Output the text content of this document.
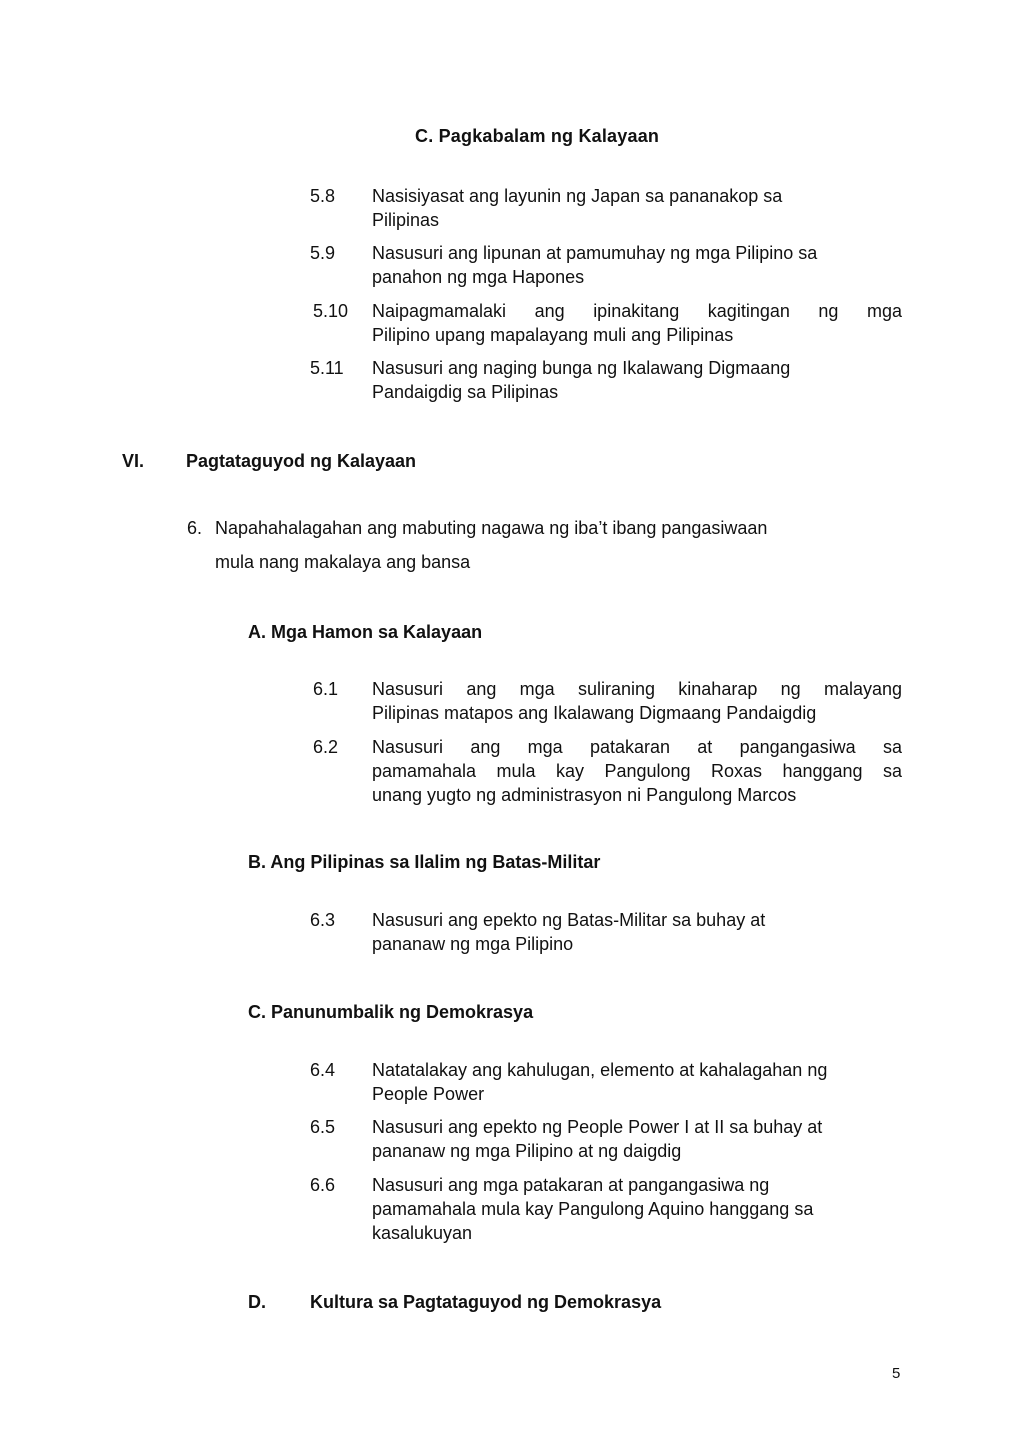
C. Pagkabalam ng Kalayaan
5.8 Nasisiyasat ang layunin ng Japan sa pananakop sa
Pilipinas
5.9 Nasusuri ang lipunan at pamumuhay ng mga Pilipino sa
panahon ng mga Hapones
5.10 Naipagmamalaki ang ipinakitang kagitingan ng mga
Pilipino upang mapalayang muli ang Pilipinas
5.11 Nasusuri ang naging bunga ng Ikalawang Digmaang
Pandaigdig sa Pilipinas
VI. Pagtataguyod ng Kalayaan
6. Napahahalagahan ang mabuting nagawa ng iba’t ibang pangasiwaan
mula nang makalaya ang bansa
A. Mga Hamon sa Kalayaan
6.1 Nasusuri ang mga suliraning kinaharap ng malayang
Pilipinas matapos ang Ikalawang Digmaang Pandaigdig
6.2 Nasusuri ang mga patakaran at pangangasiwa sa
pamamahala mula kay Pangulong Roxas hanggang sa
unang yugto ng administrasyon ni Pangulong Marcos
B. Ang Pilipinas sa Ilalim ng Batas-Militar
6.3 Nasusuri ang epekto ng Batas-Militar sa buhay at
pananaw ng mga Pilipino
C. Panunumbalik ng Demokrasya
6.4 Natatalakay ang kahulugan, elemento at kahalagahan ng
People Power
6.5 Nasusuri ang epekto ng People Power I at II sa buhay at
pananaw ng mga Pilipino at ng daigdig
6.6 Nasusuri ang mga patakaran at pangangasiwa ng
pamamahala mula kay Pangulong Aquino hanggang sa
kasalukuyan
D. Kultura sa Pagtataguyod ng Demokrasya
5
